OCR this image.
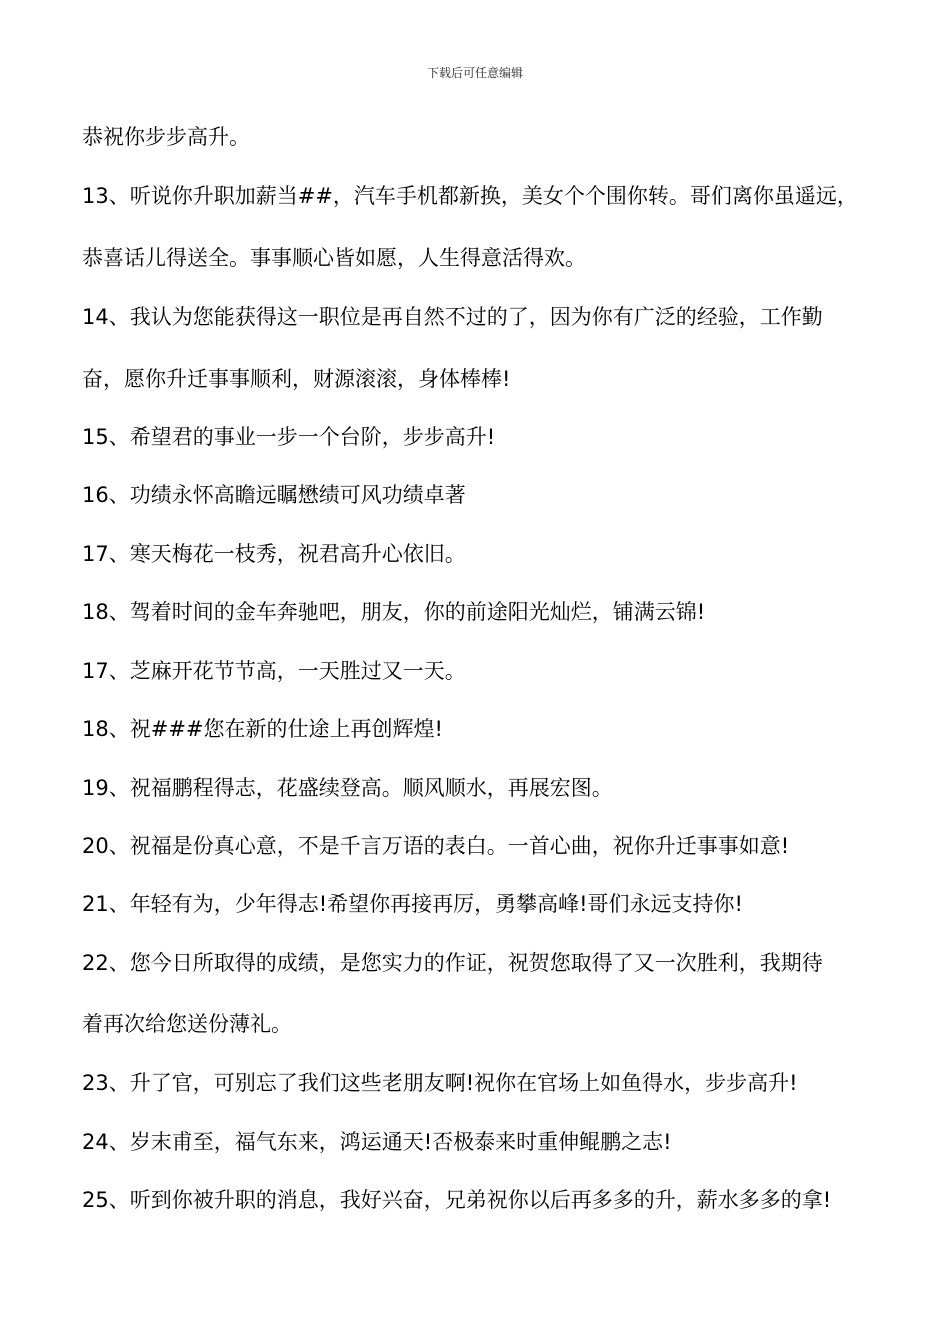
下载后可任意编辑
恭祝你步步高升。
13、听说你升职加薪当##，汽车手机都新换，美女个个围你转。哥们离你虽遥远，
恭喜话儿得送全。事事顺心皆如愿，人生得意活得欢。
14、我认为您能获得这一职位是再自然不过的了，因为你有广泛的经验，工作勤
奋，愿你升迁事事顺利，财源滚滚，身体棒棒!
15、希望君的事业一步一个台阶，步步高升!
16、功绩永怀高瞻远瞩懋绩可风功绩卓著
17、寒天梅花一枝秀，祝君高升心依旧。
18、驾着时间的金车奔驰吧，朋友，你的前途阳光灿烂，铺满云锦!
17、芝麻开花节节高，一天胜过又一天。
18、祝###您在新的仕途上再创辉煌!
19、祝福鹏程得志，花盛续登高。顺风顺水，再展宏图。
20、祝福是份真心意，不是千言万语的表白。一首心曲，祝你升迁事事如意!
21、年轻有为，少年得志!希望你再接再厉，勇攀高峰!哥们永远支持你!
22、您今日所取得的成绩，是您实力的作证，祝贺您取得了又一次胜利，我期待
着再次给您送份薄礼。
23、升了官，可别忘了我们这些老朋友啊!祝你在官场上如鱼得水，步步高升!
24、岁末甫至，福气东来，鸿运通天!否极泰来时重伸鲲鹏之志!
25、听到你被升职的消息，我好兴奋，兄弟祝你以后再多多的升，薪水多多的拿!
